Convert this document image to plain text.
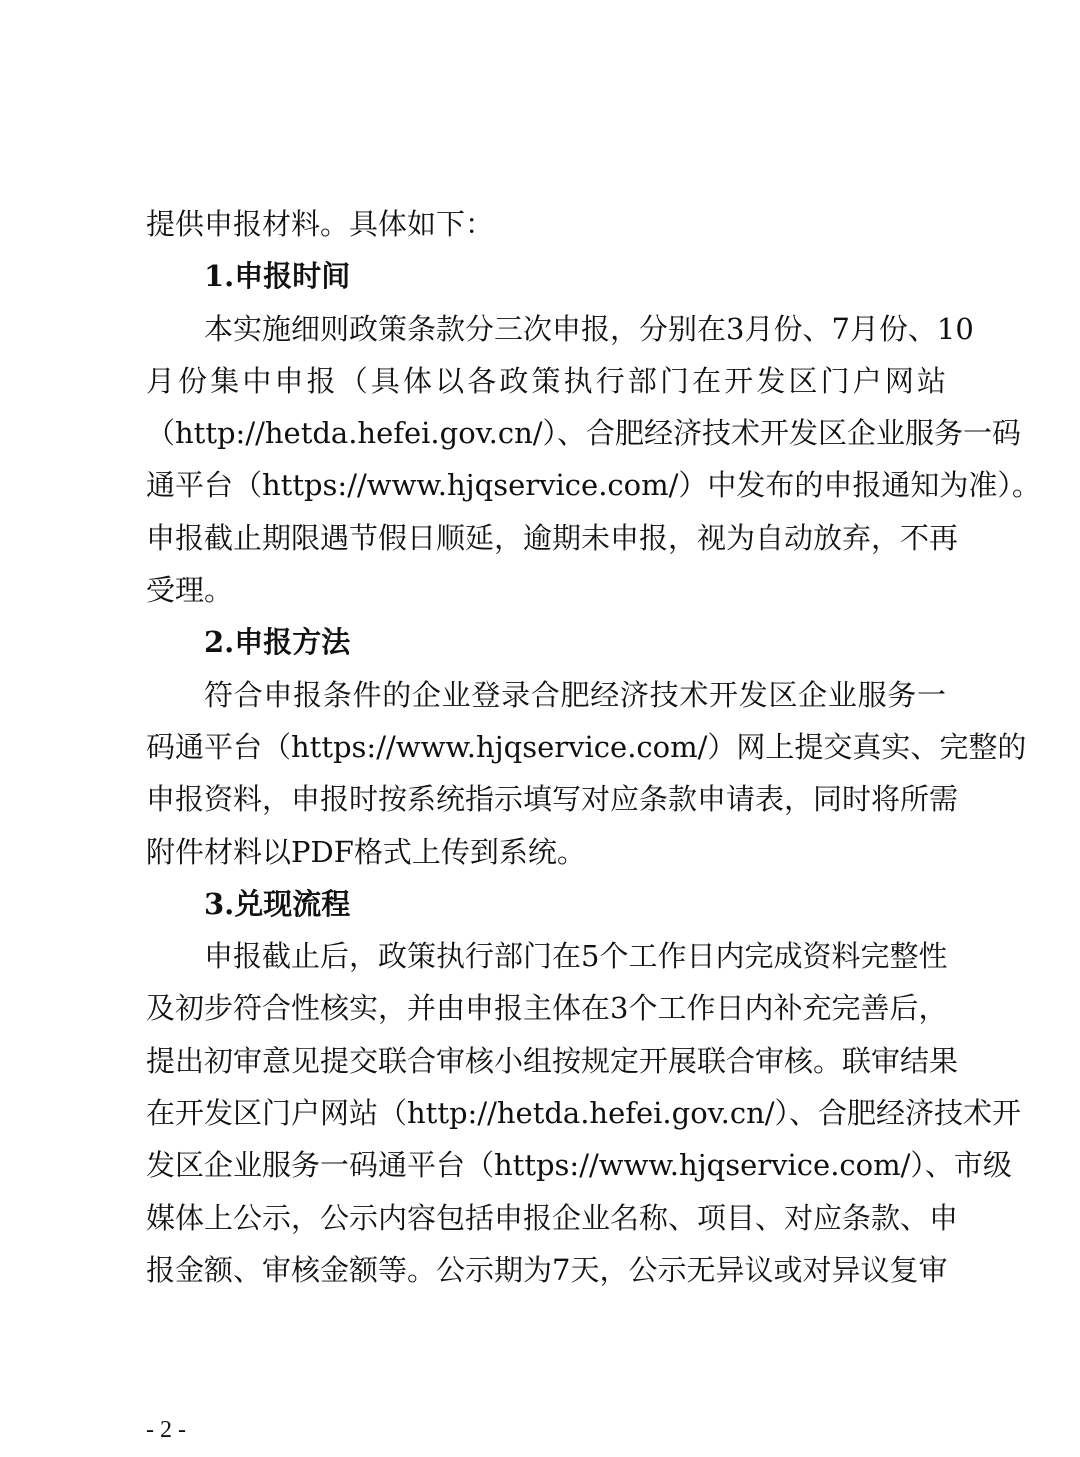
提供申报材料。具体如下：
1.申报时间
本实施细则政策条款分三次申报，分别在3月份、7月份、10
月份集中申报（具体以各政策执行部门在开发区门户网站
（http://hetda.hefei.gov.cn/）、合肥经济技术开发区企业服务一码
通平台（https://www.hjqservice.com/）中发布的申报通知为准）。
申报截止期限遇节假日顺延，逾期未申报，视为自动放弃，不再
受理。
2.申报方法
符合申报条件的企业登录合肥经济技术开发区企业服务一
码通平台（https://www.hjqservice.com/）网上提交真实、完整的
申报资料，申报时按系统指示填写对应条款申请表，同时将所需
附件材料以PDF格式上传到系统。
3.兑现流程
申报截止后，政策执行部门在5个工作日内完成资料完整性
及初步符合性核实，并由申报主体在3个工作日内补充完善后，
提出初审意见提交联合审核小组按规定开展联合审核。联审结果
在开发区门户网站（http://hetda.hefei.gov.cn/）、合肥经济技术开
发区企业服务一码通平台（https://www.hjqservice.com/）、市级
媒体上公示，公示内容包括申报企业名称、项目、对应条款、申
报金额、审核金额等。公示期为7天，公示无异议或对异议复审
- 2 -
